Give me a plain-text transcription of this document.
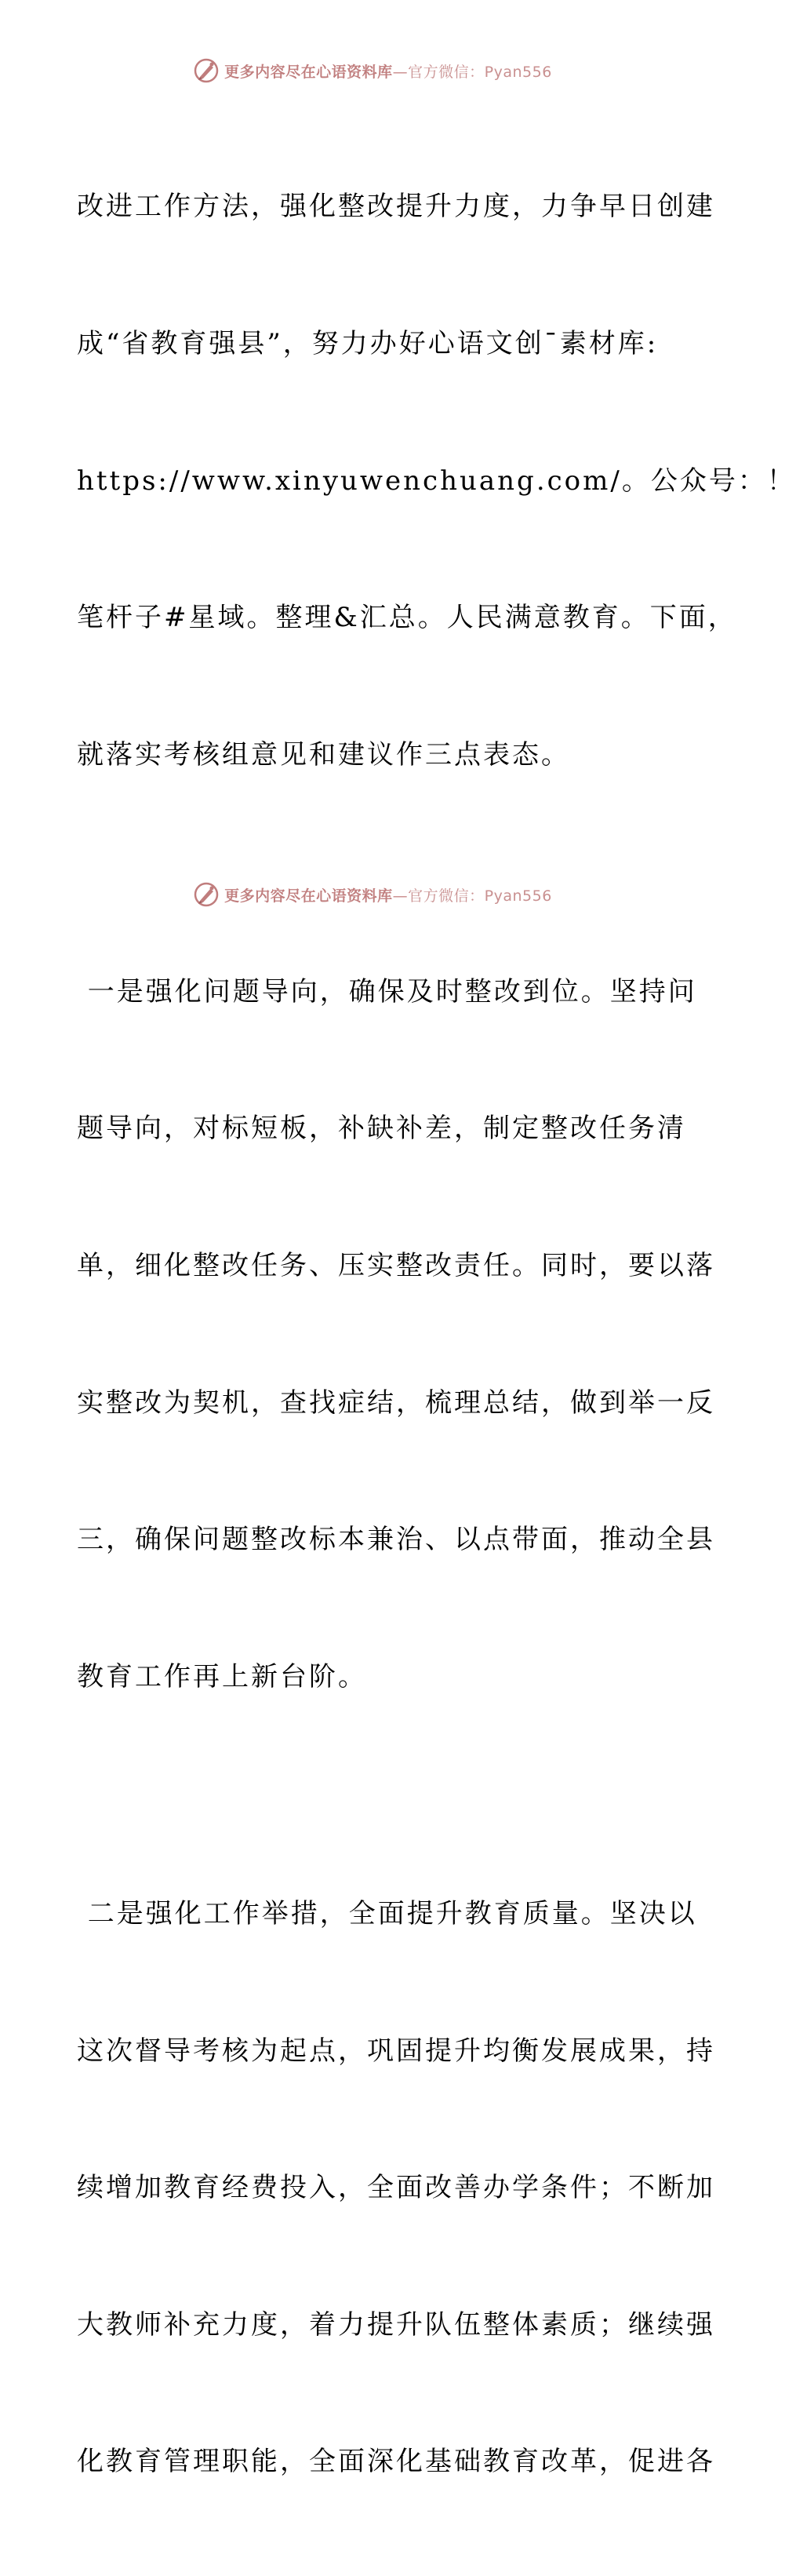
更多内容尽在心语资料库—官方微信：Pyan556

改进工作方法，强化整改提升力度，力争早日创建

成“省教育强县”，努力办好心语文创¯素材库:

https://www.xinyuwenchuang.com/。公众号：！

笔杆子#星域。整理&汇总。人民满意教育。下面，

就落实考核组意见和建议作三点表态。

一是强化问题导向，确保及时整改到位。坚持问

题导向，对标短板，补缺补差，制定整改任务清

单，细化整改任务、压实整改责任。同时，要以落

实整改为契机，查找症结，梳理总结，做到举一反

三，确保问题整改标本兼治、以点带面，推动全县

教育工作再上新台阶。

二是强化工作举措，全面提升教育质量。坚决以

这次督导考核为起点，巩固提升均衡发展成果，持

续增加教育经费投入，全面改善办学条件；不断加

大教师补充力度，着力提升队伍整体素质；继续强

化教育管理职能，全面深化基础教育改革，促进各

更多内容尽在心语资料库—官方微信：Pyan556
